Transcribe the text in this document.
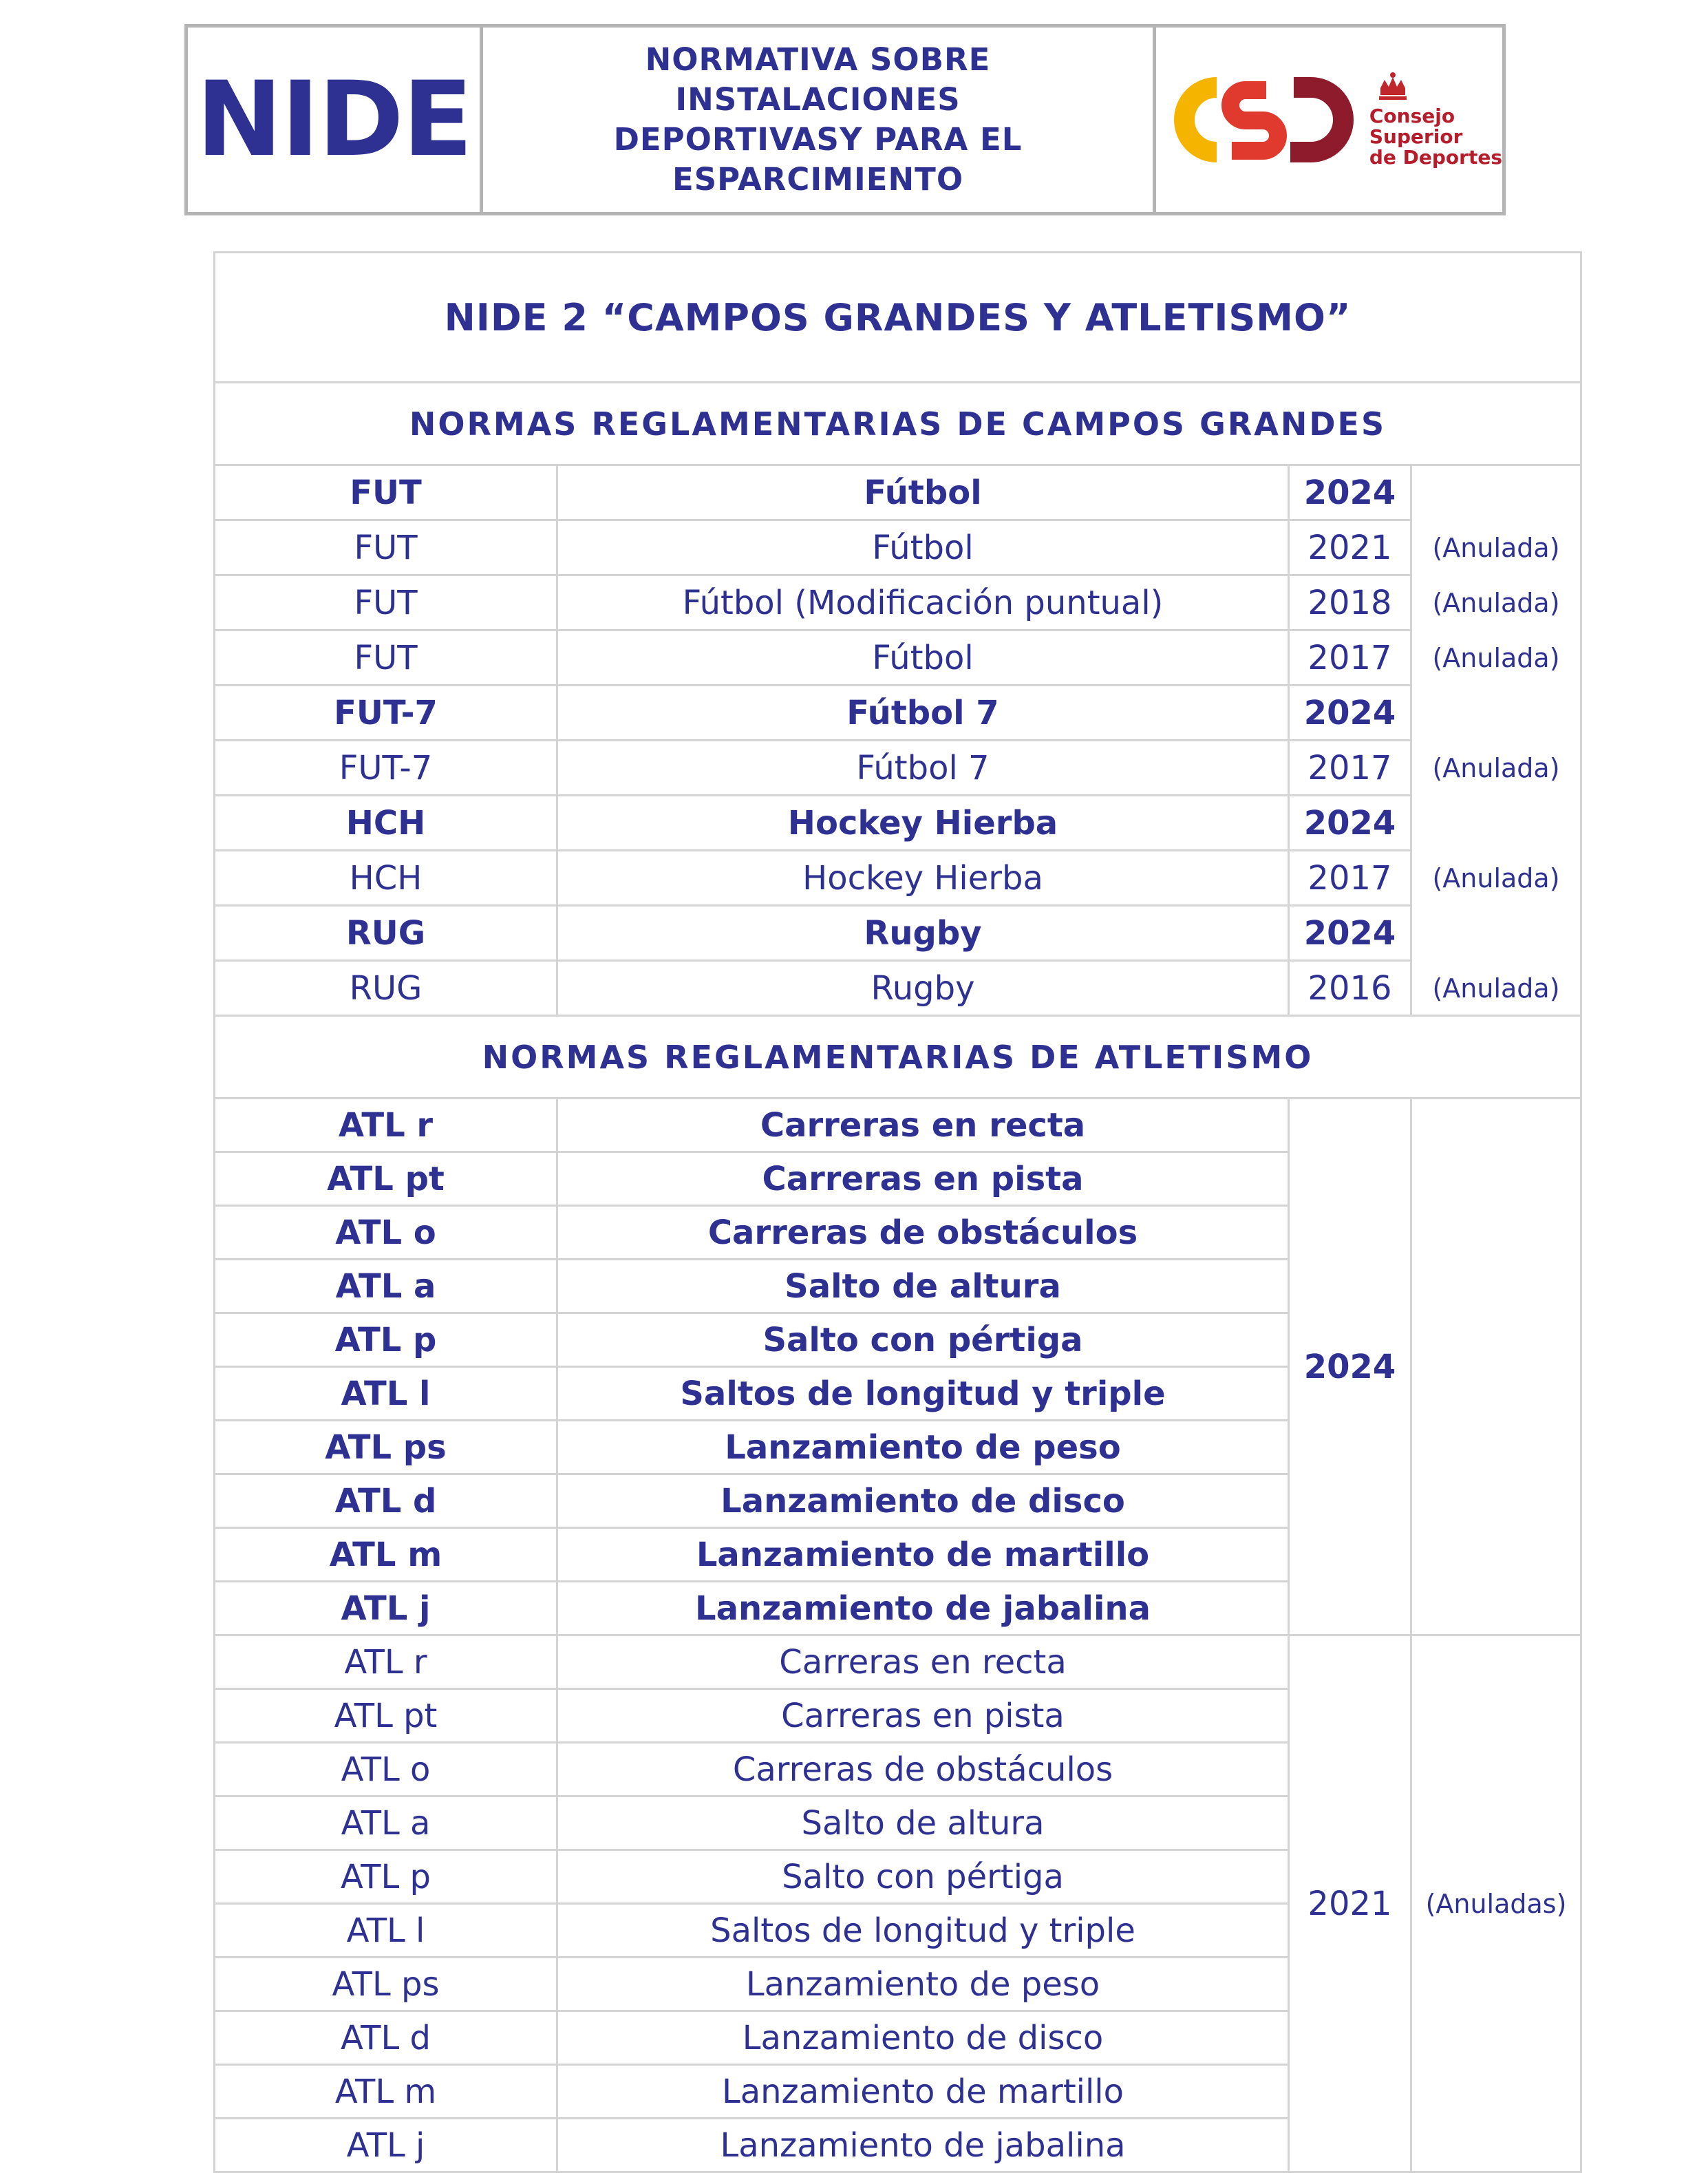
NIDE
NORMATIVA SOBRE
INSTALACIONES
DEPORTIVASY PARA EL
ESPARCIMIENTO
Consejo
Superior
de Deportes
NIDE 2 “CAMPOS GRANDES Y ATLETISMO”			
NORMAS REGLAMENTARIAS DE CAMPOS GRANDES			
FUT	Fútbol	2024	
FUT	Fútbol	2021	(Anulada)
FUT	Fútbol (Modificación puntual)	2018	(Anulada)
FUT	Fútbol	2017	(Anulada)
FUT-7	Fútbol 7	2024	
FUT-7	Fútbol 7	2017	(Anulada)
HCH	Hockey Hierba	2024	
HCH	Hockey Hierba	2017	(Anulada)
RUG	Rugby	2024	
RUG	Rugby	2016	(Anulada)
NORMAS REGLAMENTARIAS DE ATLETISMO			
ATL r	Carreras en recta	2024	
ATL pt	Carreras en pista		
ATL o	Carreras de obstáculos		
ATL a	Salto de altura		
ATL p	Salto con pértiga		
ATL l	Saltos de longitud y triple		
ATL ps	Lanzamiento de peso		
ATL d	Lanzamiento de disco		
ATL m	Lanzamiento de martillo		
ATL j	Lanzamiento de jabalina		
ATL r	Carreras en recta	2021	(Anuladas)
ATL pt	Carreras en pista		
ATL o	Carreras de obstáculos		
ATL a	Salto de altura		
ATL p	Salto con pértiga		
ATL l	Saltos de longitud y triple		
ATL ps	Lanzamiento de peso		
ATL d	Lanzamiento de disco		
ATL m	Lanzamiento de martillo		
ATL j	Lanzamiento de jabalina		
